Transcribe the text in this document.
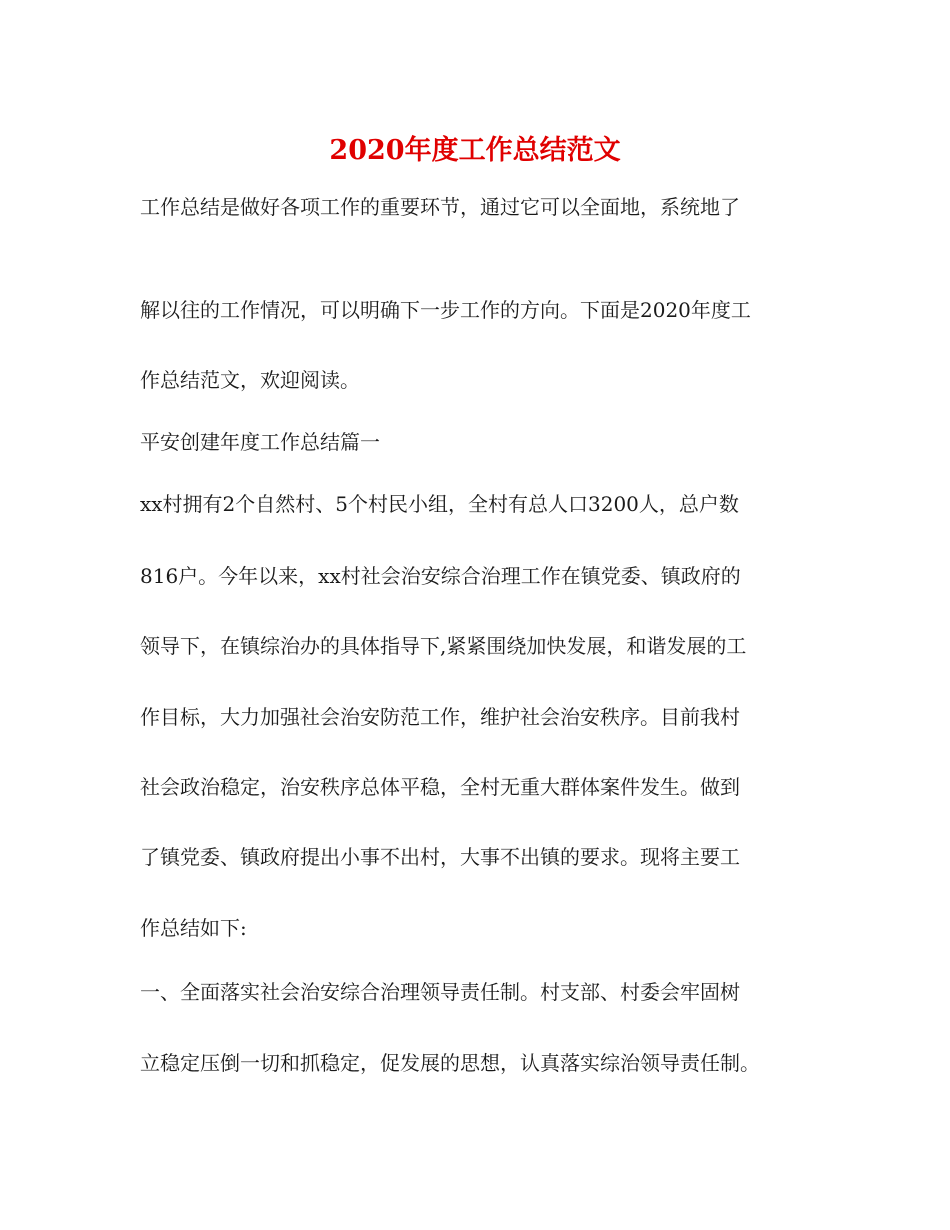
2020年度工作总结范文
工作总结是做好各项工作的重要环节，通过它可以全面地，系统地了
解以往的工作情况，可以明确下一步工作的方向。下面是2020年度工
作总结范文，欢迎阅读。
平安创建年度工作总结篇一
xx村拥有2个自然村、5个村民小组，全村有总人口3200人，总户数
816户。今年以来，xx村社会治安综合治理工作在镇党委、镇政府的
领导下，在镇综治办的具体指导下,紧紧围绕加快发展，和谐发展的工
作目标，大力加强社会治安防范工作，维护社会治安秩序。目前我村
社会政治稳定，治安秩序总体平稳，全村无重大群体案件发生。做到
了镇党委、镇政府提出小事不出村，大事不出镇的要求。现将主要工
作总结如下:
一、全面落实社会治安综合治理领导责任制。村支部、村委会牢固树
立稳定压倒一切和抓稳定，促发展的思想，认真落实综治领导责任制。
